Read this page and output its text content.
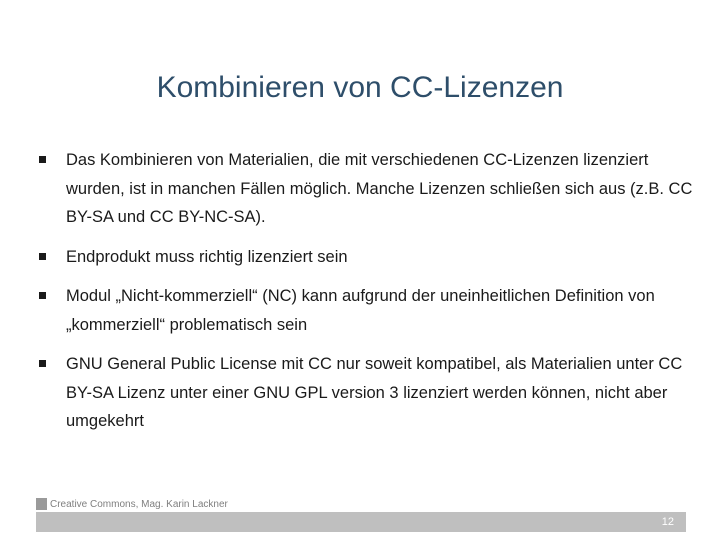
Kombinieren von CC-Lizenzen
Das Kombinieren von Materialien, die mit verschiedenen CC-Lizenzen lizenziert wurden, ist in manchen Fällen möglich. Manche Lizenzen schließen sich aus (z.B. CC BY-SA und CC BY-NC-SA).
Endprodukt muss richtig lizenziert sein
Modul „Nicht-kommerziell“ (NC) kann aufgrund der uneinheitlichen Definition von „kommerziell“ problematisch sein
GNU General Public License mit CC nur soweit kompatibel, als Materialien unter CC BY-SA Lizenz unter einer GNU GPL version 3 lizenziert werden können, nicht aber umgekehrt
Creative Commons, Mag. Karin Lackner
12
